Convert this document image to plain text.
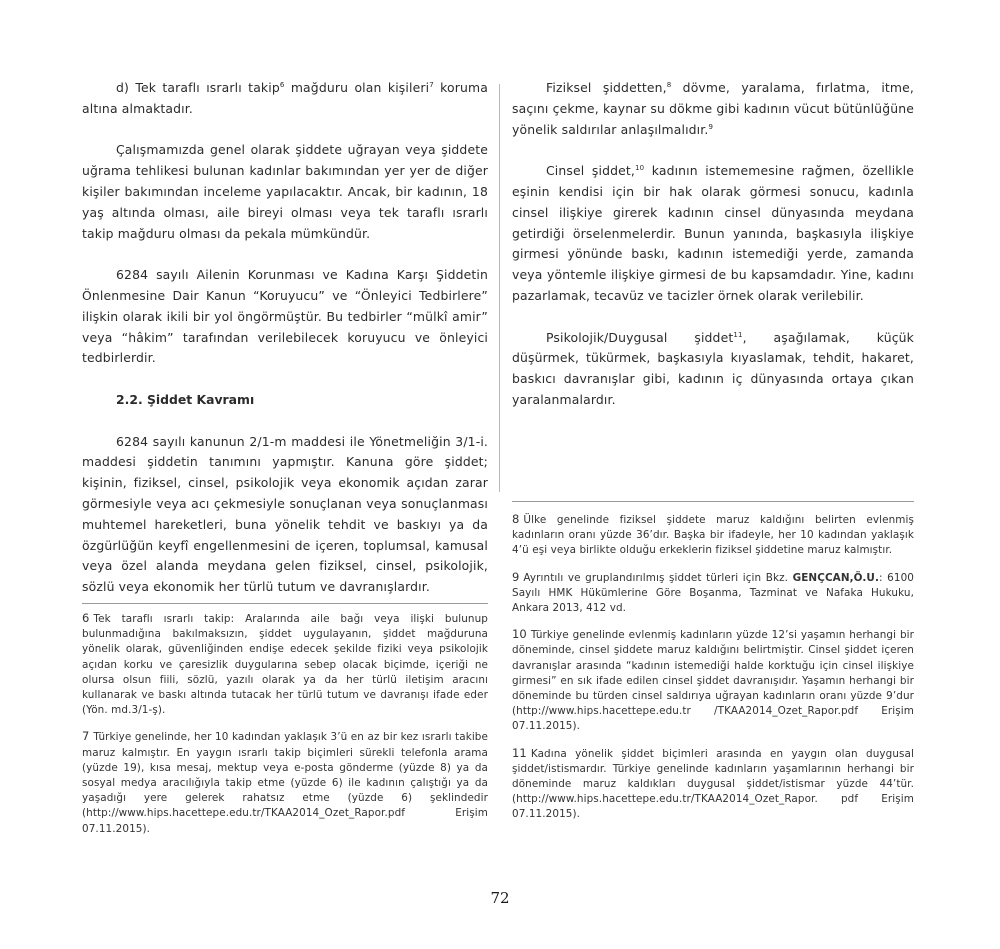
d) Tek taraflı ısrarlı takip$^6$ mağduru olan kişileri$^7$ koruma altına almaktadır.

Çalışmamızda genel olarak şiddete uğrayan veya şiddete uğrama tehlikesi bulunan kadınlar bakımından yer yer de diğer kişiler bakımından inceleme yapılacaktır. Ancak, bir kadının, 18 yaş altında olması, aile bireyi olması veya tek taraflı ısrarlı takip mağduru olması da pekala mümkündür.

6284 sayılı Ailenin Korunması ve Kadına Karşı Şiddetin Önlenmesine Dair Kanun “Koruyucu” ve “Önleyici Tedbirlere” ilişkin olarak ikili bir yol öngörmüştür. Bu tedbirler “mülkî amir” veya “hâkim” tarafından verilebilecek koruyucu ve önleyici tedbirlerdir.

2.2. Şiddet Kavramı

6284 sayılı kanunun 2/1-m maddesi ile Yönetmeliğin 3/1-i. maddesi şiddetin tanımını yapmıştır. Kanuna göre şiddet; kişinin, fiziksel, cinsel, psikolojik veya ekonomik açıdan zarar görmesiyle veya acı çekmesiyle sonuçlanan veya sonuçlanması muhtemel hareketleri, buna yönelik tehdit ve baskıyı ya da özgürlüğün keyfî engellenmesini de içeren, toplumsal, kamusal veya özel alanda meydana gelen fiziksel, cinsel, psikolojik, sözlü veya ekonomik her türlü tutum ve davranışlardır.

Fiziksel şiddetten,$^8$ dövme, yaralama, fırlatma, itme, saçını çekme, kaynar su dökme gibi kadının vücut bütünlüğüne yönelik saldırılar anlaşılmalıdır.$^9$

Cinsel şiddet,$^{10}$ kadının istememesine rağmen, özellikle eşinin kendisi için bir hak olarak görmesi sonucu, kadınla cinsel ilişkiye girerek kadının cinsel dünyasında meydana getirdiği örselenmelerdir. Bunun yanında, başkasıyla ilişkiye girmesi yönünde baskı, kadının istemediği yerde, zamanda veya yöntemle ilişkiye girmesi de bu kapsamdadır. Yine, kadını pazarlamak, tecavüz ve tacizler örnek olarak verilebilir.

Psikolojik/Duygusal şiddet$^{11}$, aşağılamak, küçük düşürmek, tükürmek, başkasıyla kıyaslamak, tehdit, hakaret, baskıcı davranışlar gibi, kadının iç dünyasında ortaya çıkan yaralanmalardır.

6 Tek taraflı ısrarlı takip: Aralarında aile bağı veya ilişki bulunup bulunmadığına bakılmaksızın, şiddet uygulayanın, şiddet mağduruna yönelik olarak, güvenliğinden endişe edecek şekilde fiziki veya psikolojik açıdan korku ve çaresizlik duygularına sebep olacak biçimde, içeriği ne olursa olsun fiili, sözlü, yazılı olarak ya da her türlü iletişim aracını kullanarak ve baskı altında tutacak her türlü tutum ve davranışı ifade eder (Yön. md.3/1-ş).

7 Türkiye genelinde, her 10 kadından yaklaşık 3’ü en az bir kez ısrarlı takibe maruz kalmıştır. En yaygın ısrarlı takip biçimleri sürekli telefonla arama (yüzde 19), kısa mesaj, mektup veya e-posta gönderme (yüzde 8) ya da sosyal medya aracılığıyla takip etme (yüzde 6) ile kadının çalıştığı ya da yaşadığı yere gelerek rahatsız etme (yüzde 6) şeklindedir (http://www.hips.hacettepe.edu.tr/TKAA2014_Ozet_Rapor.pdf Erişim 07.11.2015).

8 Ülke genelinde fiziksel şiddete maruz kaldığını belirten evlenmiş kadınların oranı yüzde 36’dır. Başka bir ifadeyle, her 10 kadından yaklaşık 4’ü eşi veya birlikte olduğu erkeklerin fiziksel şiddetine maruz kalmıştır.

9 Ayrıntılı ve gruplandırılmış şiddet türleri için Bkz. GENÇCAN,Ö.U.: 6100 Sayılı HMK Hükümlerine Göre Boşanma, Tazminat ve Nafaka Hukuku, Ankara 2013, 412 vd.

10 Türkiye genelinde evlenmiş kadınların yüzde 12’si yaşamın herhangi bir döneminde, cinsel şiddete maruz kaldığını belirtmiştir. Cinsel şiddet içeren davranışlar arasında “kadının istemediği halde korktuğu için cinsel ilişkiye girmesi” en sık ifade edilen cinsel şiddet davranışıdır. Yaşamın herhangi bir döneminde bu türden cinsel saldırıya uğrayan kadınların oranı yüzde 9’dur (http://www.hips.hacettepe.edu.tr /TKAA2014_Ozet_Rapor.pdf Erişim 07.11.2015).

11 Kadına yönelik şiddet biçimleri arasında en yaygın olan duygusal şiddet/istismardır. Türkiye genelinde kadınların yaşamlarının herhangi bir döneminde maruz kaldıkları duygusal şiddet/istismar yüzde 44’tür. (http://www.hips.hacettepe.edu.tr/TKAA2014_Ozet_Rapor. pdf Erişim 07.11.2015).

72
